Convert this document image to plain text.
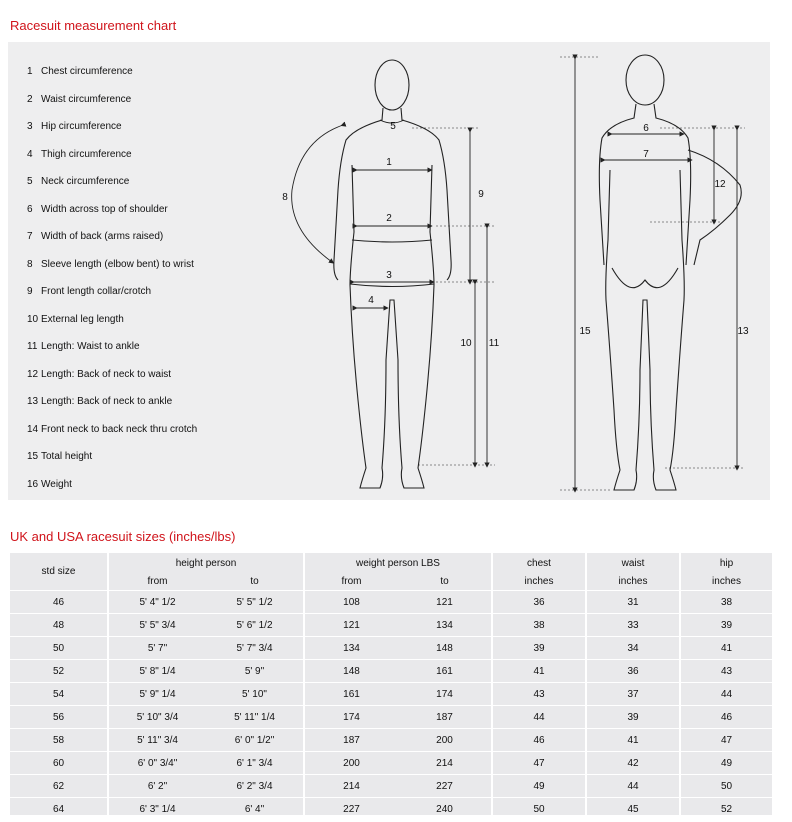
Racesuit measurement chart
1 Chest circumference
2 Waist circumference
3 Hip circumference
4 Thigh circumference
5 Neck circumference
6 Width across top of shoulder
7 Width of back (arms raised)
8 Sleeve length (elbow bent) to wrist
9 Front length collar/crotch
10 External leg length
11 Length: Waist to ankle
12 Length: Back of neck to waist
13 Length: Back of neck to ankle
14 Front neck to back neck thru crotch
15 Total height
16 Weight
1
2
3
4
5	6
7
8	9
10 11
12
13
15
UK and USA racesuit sizes (inches/lbs)
std size	height person		weight person LBS		chest	waist	hip
	from	to	from	to	inches	inches	inches
46	5' 4" 1/2	5' 5" 1/2	108	121	36	31	38
48	5' 5" 3/4	5' 6" 1/2	121	134	38	33	39
50	5' 7"	5' 7" 3/4	134	148	39	34	41
52	5' 8" 1/4	5' 9"	148	161	41	36	43
54	5' 9" 1/4	5' 10"	161	174	43	37	44
56	5' 10" 3/4	5' 11" 1/4	174	187	44	39	46
58	5' 11" 3/4	6' 0" 1/2"	187	200	46	41	47
60	6' 0" 3/4"	6' 1" 3/4	200	214	47	42	49
62	6' 2"	6' 2" 3/4	214	227	49	44	50
64	6' 3" 1/4	6' 4"	227	240	50	45	52
